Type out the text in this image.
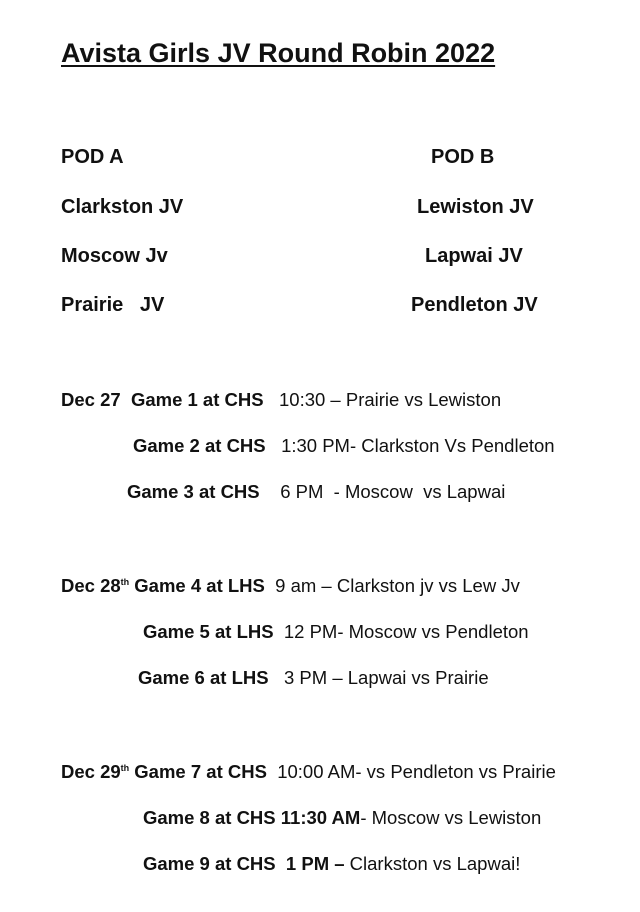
Avista Girls JV Round Robin 2022
POD A
Clarkston JV
Moscow Jv
Prairie   JV
POD B
Lewiston JV
Lapwai JV
Pendleton JV
Dec 27 Game 1 at CHS 10:30 – Prairie vs Lewiston
Game 2 at CHS 1:30 PM- Clarkston Vs Pendleton
Game 3 at CHS 6 PM  - Moscow  vs Lapwai
Dec 28th Game 4 at LHS 9 am – Clarkston jv vs Lew Jv
Game 5 at LHS 12 PM- Moscow vs Pendleton
Game 6 at LHS 3 PM – Lapwai vs Prairie
Dec 29th Game 7 at CHS 10:00 AM- vs Pendleton vs Prairie
Game 8 at CHS 11:30 AM- Moscow vs Lewiston
Game 9 at CHS 1 PM – Clarkston vs Lapwai!
